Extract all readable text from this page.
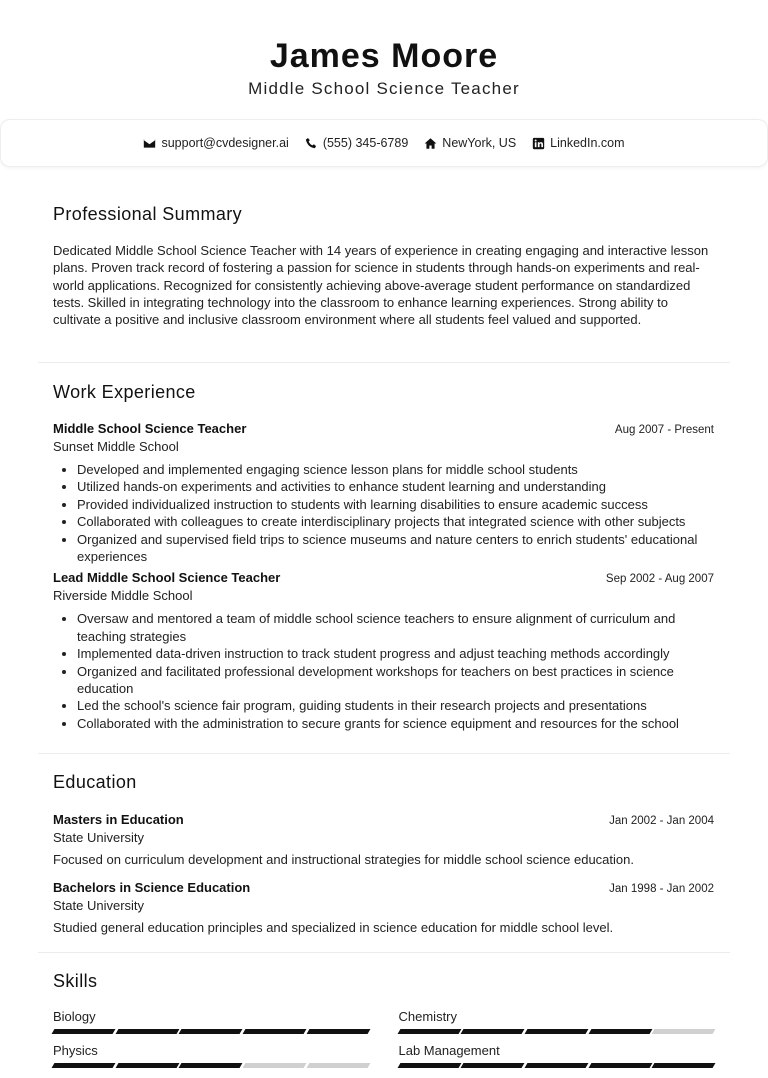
James Moore
Middle School Science Teacher
support@cvdesigner.ai	(555) 345-6789	NewYork, US	LinkedIn.com
Professional Summary
Dedicated Middle School Science Teacher with 14 years of experience in creating engaging and interactive lesson plans. Proven track record of fostering a passion for science in students through hands-on experiments and real-world applications. Recognized for consistently achieving above-average student performance on standardized tests. Skilled in integrating technology into the classroom to enhance learning experiences. Strong ability to cultivate a positive and inclusive classroom environment where all students feel valued and supported.
Work Experience
Middle School Science Teacher	Aug 2007 - Present
Sunset Middle School
• Developed and implemented engaging science lesson plans for middle school students
• Utilized hands-on experiments and activities to enhance student learning and understanding
• Provided individualized instruction to students with learning disabilities to ensure academic success
• Collaborated with colleagues to create interdisciplinary projects that integrated science with other subjects
• Organized and supervised field trips to science museums and nature centers to enrich students' educational experiences
Lead Middle School Science Teacher	Sep 2002 - Aug 2007
Riverside Middle School
• Oversaw and mentored a team of middle school science teachers to ensure alignment of curriculum and teaching strategies
• Implemented data-driven instruction to track student progress and adjust teaching methods accordingly
• Organized and facilitated professional development workshops for teachers on best practices in science education
• Led the school's science fair program, guiding students in their research projects and presentations
• Collaborated with the administration to secure grants for science equipment and resources for the school
Education
Masters in Education	Jan 2002 - Jan 2004
State University
Focused on curriculum development and instructional strategies for middle school science education.
Bachelors in Science Education	Jan 1998 - Jan 2002
State University
Studied general education principles and specialized in science education for middle school level.
Skills
Biology	Chemistry
Physics	Lab Management
